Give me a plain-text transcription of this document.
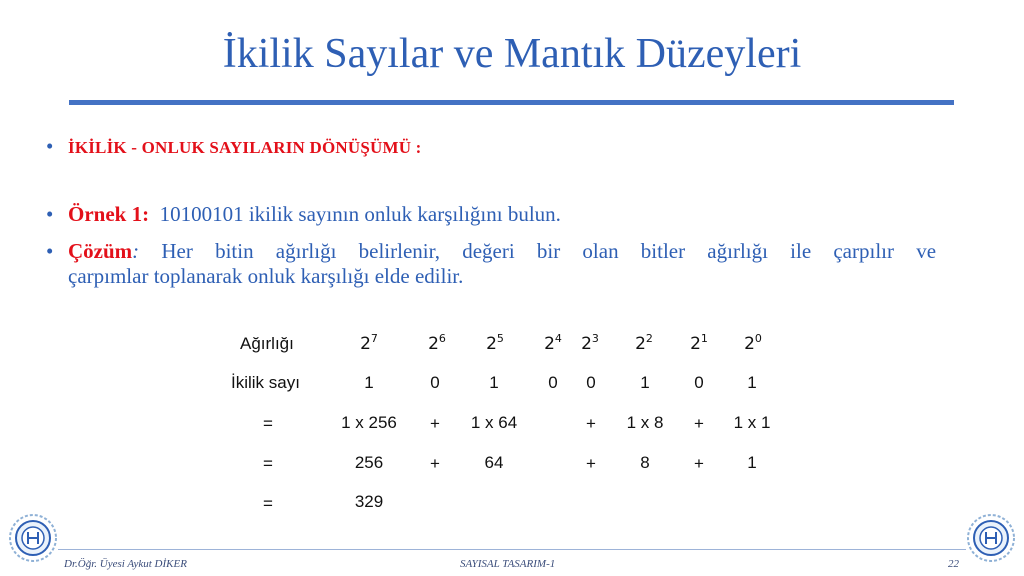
İkilik Sayılar ve Mantık Düzeyleri
• İKİLİK - ONLUK SAYILARIN DÖNÜŞÜMÜ :
• Örnek 1: 10100101 ikilik sayının onluk karşılığını bulun.
• Çözüm: Her bitin ağırlığı belirlenir, değeri bir olan bitler ağırlığı ile çarpılır ve
çarpımlar toplanarak onluk karşılığı elde edilir.
Ağırlığı	$2^7$	$2^6$ $2^5$ $2^4$ $2^3$ $2^2$ $2^1$ $2^0$
İkilik sayı	1	0	1	0 0	1	0	1
=	1 x 256 + 1 x 64	+ 1 x 8 + 1 x 1
=	256	+	64	+	8	+	1
=	329
Dr.Öğr. Üyesi Aykut DİKER	SAYISAL TASARIM-1	22
